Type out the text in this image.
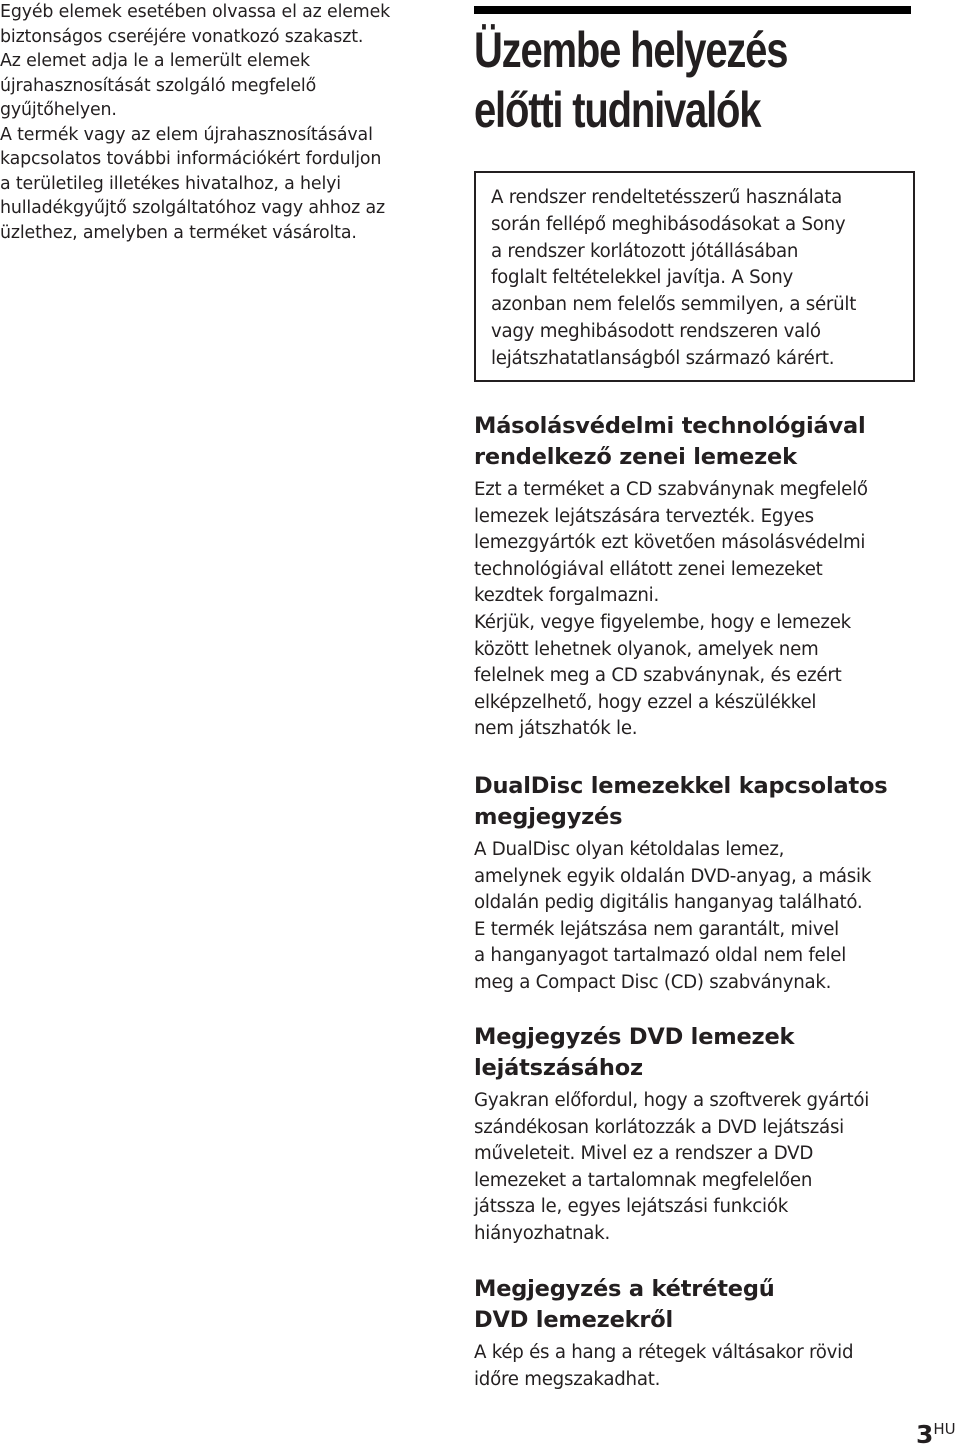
Egyéb elemek esetében olvassa el az elemek
biztonságos cseréjére vonatkozó szakaszt.
Az elemet adja le a lemerült elemek
újrahasznosítását szolgáló megfelelő
gyűjtőhelyen.

A termék vagy az elem újrahasznosításával
kapcsolatos további információkért forduljon
a területileg illetékes hivatalhoz, a helyi
hulladékgyűjtő szolgáltatóhoz vagy ahhoz az
üzlethez, amelyben a terméket vásárolta.

Üzembe helyezés
előtti tudnivalók

A rendszer rendeltetésszerű használata
során fellépő meghibásodásokat a Sony
a rendszer korlátozott jótállásában
foglalt feltételekkel javítja. A Sony
azonban nem felelős semmilyen, a sérült
vagy meghibásodott rendszeren való
lejátszhatatlanságból származó kárért.

Másolásvédelmi technológiával
rendelkező zenei lemezek

Ezt a terméket a CD szabványnak megfelelő
lemezek lejátszására tervezték. Egyes
lemezgyártók ezt követően másolásvédelmi
technológiával ellátott zenei lemezeket
kezdtek forgalmazni.

Kérjük, vegye figyelembe, hogy e lemezek
között lehetnek olyanok, amelyek nem
felelnek meg a CD szabványnak, és ezért
elképzelhető, hogy ezzel a készülékkel
nem játszhatók le.

DualDisc lemezekkel kapcsolatos
megjegyzés

A DualDisc olyan kétoldalas lemez,
amelynek egyik oldalán DVD-anyag, a másik
oldalán pedig digitális hanganyag található.
E termék lejátszása nem garantált, mivel
a hanganyagot tartalmazó oldal nem felel
meg a Compact Disc (CD) szabványnak.

Megjegyzés DVD lemezek
lejátszásához

Gyakran előfordul, hogy a szoftverek gyártói
szándékosan korlátozzák a DVD lejátszási
műveleteit. Mivel ez a rendszer a DVD
lemezeket a tartalomnak megfelelően
játssza le, egyes lejátszási funkciók
hiányozhatnak.

Megjegyzés a kétrétegű
DVD lemezekről

A kép és a hang a rétegek váltásakor rövid
időre megszakadhat.

$3^{HU}$
